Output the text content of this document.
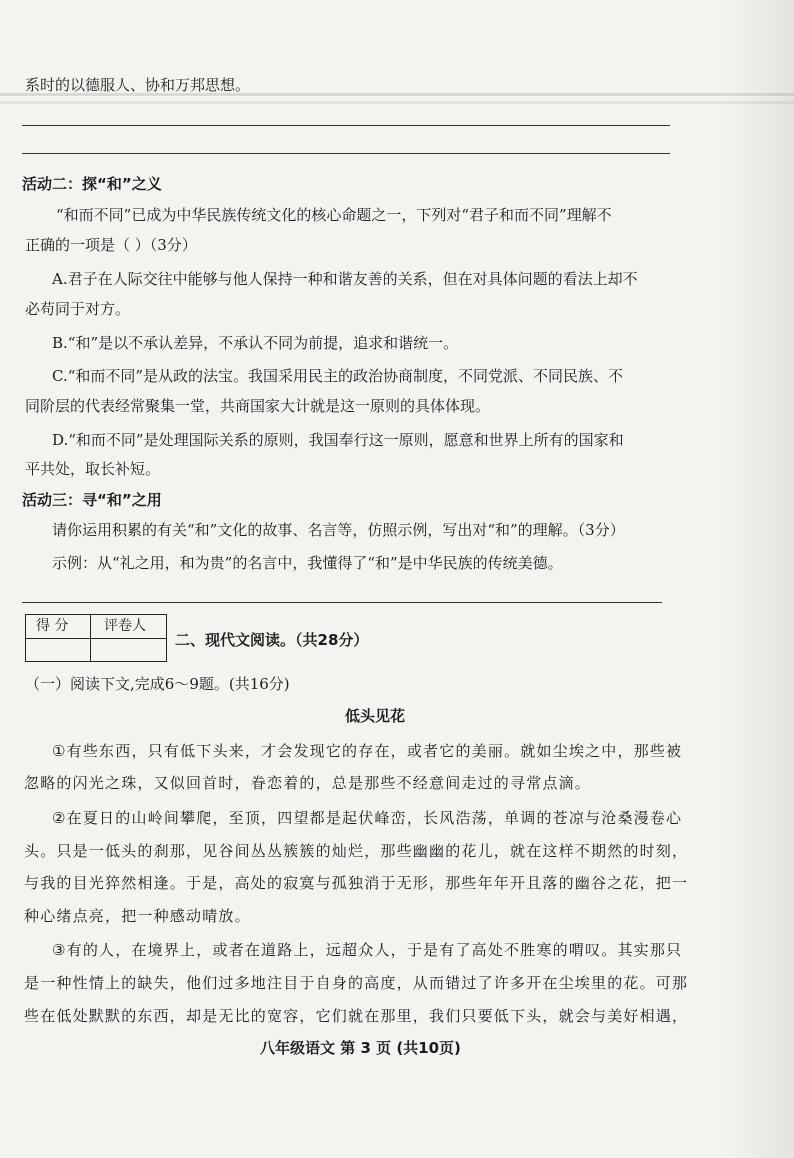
系时的以德服人、协和万邦思想。
活动二：探“和”之义
“和而不同”已成为中华民族传统文化的核心命题之一，下列对“君子和而不同”理解不
正确的一项是（ ）（3分）
A.君子在人际交往中能够与他人保持一种和谐友善的关系，但在对具体问题的看法上却不
必苟同于对方。
B.“和”是以不承认差异，不承认不同为前提，追求和谐统一。
C.“和而不同”是从政的法宝。我国采用民主的政治协商制度，不同党派、不同民族、不
同阶层的代表经常聚集一堂，共商国家大计就是这一原则的具体体现。
D.“和而不同”是处理国际关系的原则，我国奉行这一原则，愿意和世界上所有的国家和
平共处，取长补短。
活动三：寻“和”之用
请你运用积累的有关“和”文化的故事、名言等，仿照示例，写出对“和”的理解。（3分）
示例：从“礼之用，和为贵”的名言中，我懂得了“和”是中华民族的传统美德。
得 分	评卷人
二、现代文阅读。（共28分）
（一）阅读下文,完成6～9题。(共16分)
低头见花
①有些东西，只有低下头来，才会发现它的存在，或者它的美丽。就如尘埃之中，那些被
忽略的闪光之珠，又似回首时，眷恋着的，总是那些不经意间走过的寻常点滴。
②在夏日的山岭间攀爬，至顶，四望都是起伏峰峦，长风浩荡，单调的苍凉与沧桑漫卷心
头。只是一低头的刹那，见谷间丛丛簇簇的灿烂，那些幽幽的花儿，就在这样不期然的时刻，
与我的目光猝然相逢。于是，高处的寂寞与孤独消于无形，那些年年开且落的幽谷之花，把一
种心绪点亮，把一种感动晴放。
③有的人，在境界上，或者在道路上，远超众人，于是有了高处不胜寒的喟叹。其实那只
是一种性情上的缺失，他们过多地注目于自身的高度，从而错过了许多开在尘埃里的花。可那
些在低处默默的东西，却是无比的宽容，它们就在那里，我们只要低下头，就会与美好相遇，
八年级语文 第 3 页 (共10页)
